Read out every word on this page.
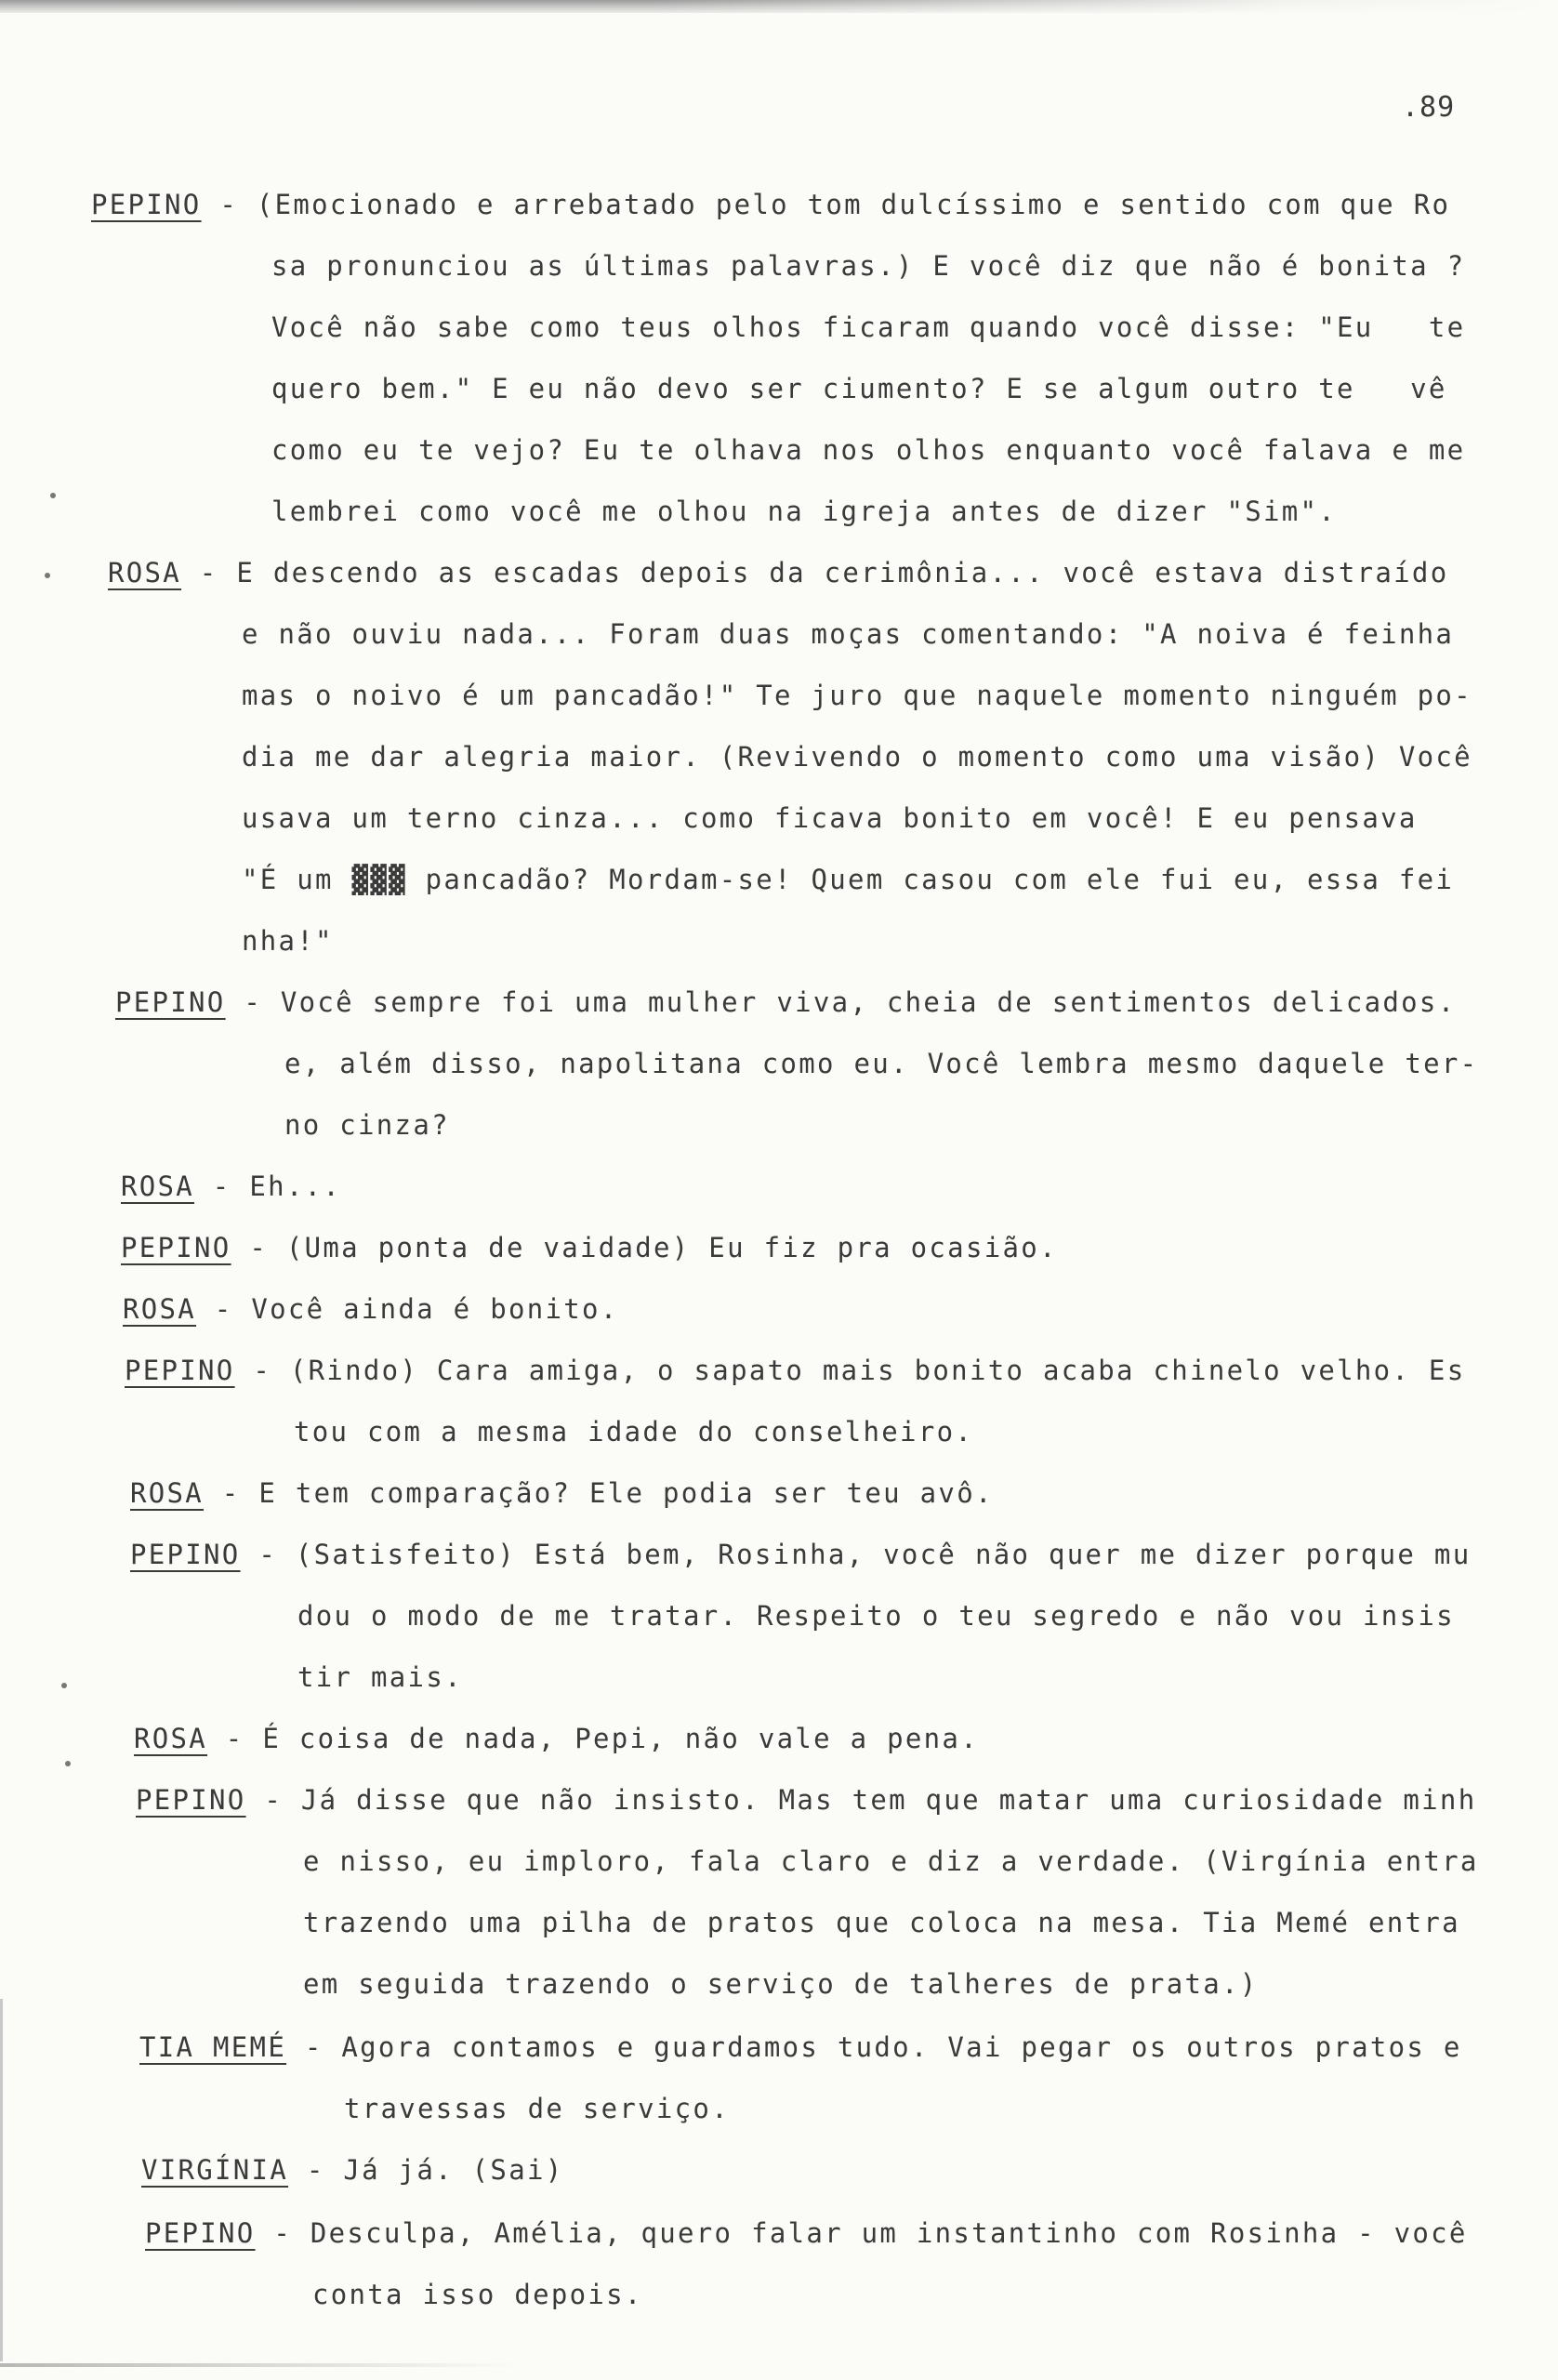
.89
PEPINO - (Emocionado e arrebatado pelo tom dulcíssimo e sentido com que Ro
sa pronunciou as últimas palavras.) E você diz que não é bonita ?
Você não sabe como teus olhos ficaram quando você disse: "Eu   te
quero bem." E eu não devo ser ciumento? E se algum outro te   vê
como eu te vejo? Eu te olhava nos olhos enquanto você falava e me
lembrei como você me olhou na igreja antes de dizer "Sim".
ROSA - E descendo as escadas depois da cerimônia... você estava distraído
e não ouviu nada... Foram duas moças comentando: "A noiva é feinha
mas o noivo é um pancadão!" Te juro que naquele momento ninguém po-
dia me dar alegria maior. (Revivendo o momento como uma visão) Você
usava um terno cinza... como ficava bonito em você! E eu pensava
"É um ▓▓▓ pancadão? Mordam-se! Quem casou com ele fui eu, essa fei
nha!"
PEPINO - Você sempre foi uma mulher viva, cheia de sentimentos delicados.
e, além disso, napolitana como eu. Você lembra mesmo daquele ter-
no cinza?
ROSA - Eh...
PEPINO - (Uma ponta de vaidade) Eu fiz pra ocasião.
ROSA - Você ainda é bonito.
PEPINO - (Rindo) Cara amiga, o sapato mais bonito acaba chinelo velho. Es
tou com a mesma idade do conselheiro.
ROSA - E tem comparação? Ele podia ser teu avô.
PEPINO - (Satisfeito) Está bem, Rosinha, você não quer me dizer porque mu
dou o modo de me tratar. Respeito o teu segredo e não vou insis
tir mais.
ROSA - É coisa de nada, Pepi, não vale a pena.
PEPINO - Já disse que não insisto. Mas tem que matar uma curiosidade minh
e nisso, eu imploro, fala claro e diz a verdade. (Virgínia entra
trazendo uma pilha de pratos que coloca na mesa. Tia Memé entra
em seguida trazendo o serviço de talheres de prata.)
TIA MEMÉ - Agora contamos e guardamos tudo. Vai pegar os outros pratos e
travessas de serviço.
VIRGÍNIA - Já já. (Sai)
PEPINO - Desculpa, Amélia, quero falar um instantinho com Rosinha - você
conta isso depois.
